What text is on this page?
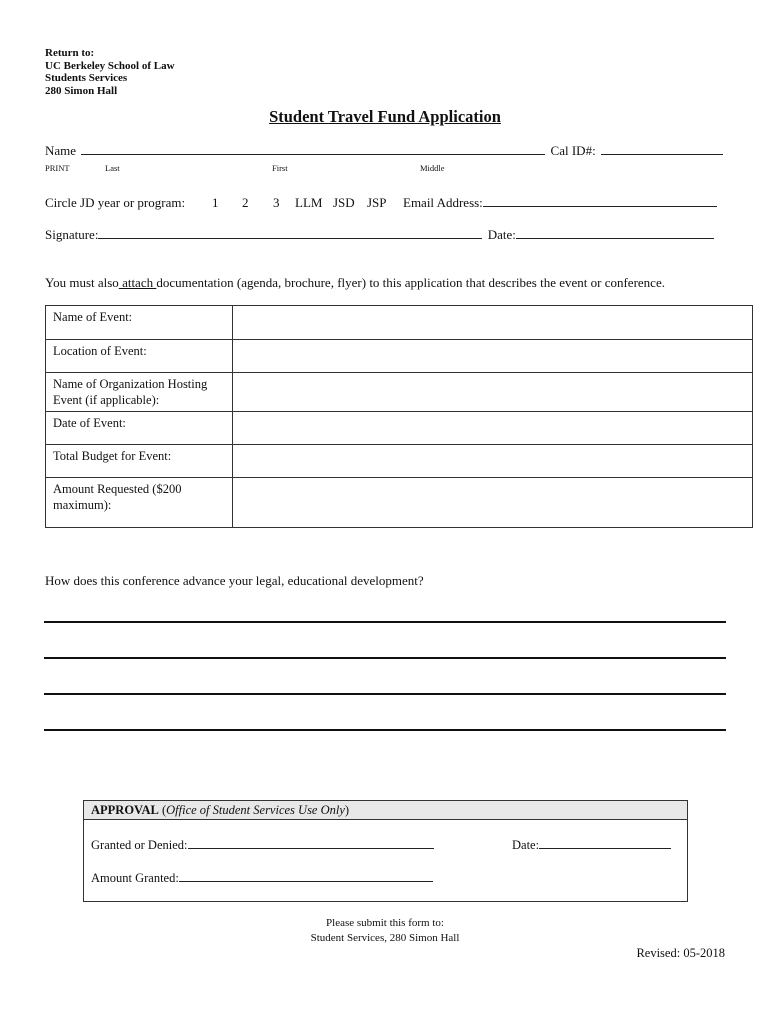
Return to:
UC Berkeley School of Law
Students Services
280 Simon Hall
Student Travel Fund Application
Name	Cal ID#:
PRINT	Last	First	Middle
Circle JD year or program: 1 2 3 LLM JSD JSP Email Address:
Signature:	Date:
You must also attach documentation (agenda, brochure, flyer) to this application that describes the event or conference.
Name of Event:	
Location of Event:	
Name of Organization Hosting Event (if applicable):	
Date of Event:	
Total Budget for Event:	
Amount Requested ($200 maximum):	
How does this conference advance your legal, educational development?
APPROVAL (Office of Student Services Use Only)
Granted or Denied:	Date:
Amount Granted:
Please submit this form to:
Student Services, 280 Simon Hall
Revised: 05-2018
